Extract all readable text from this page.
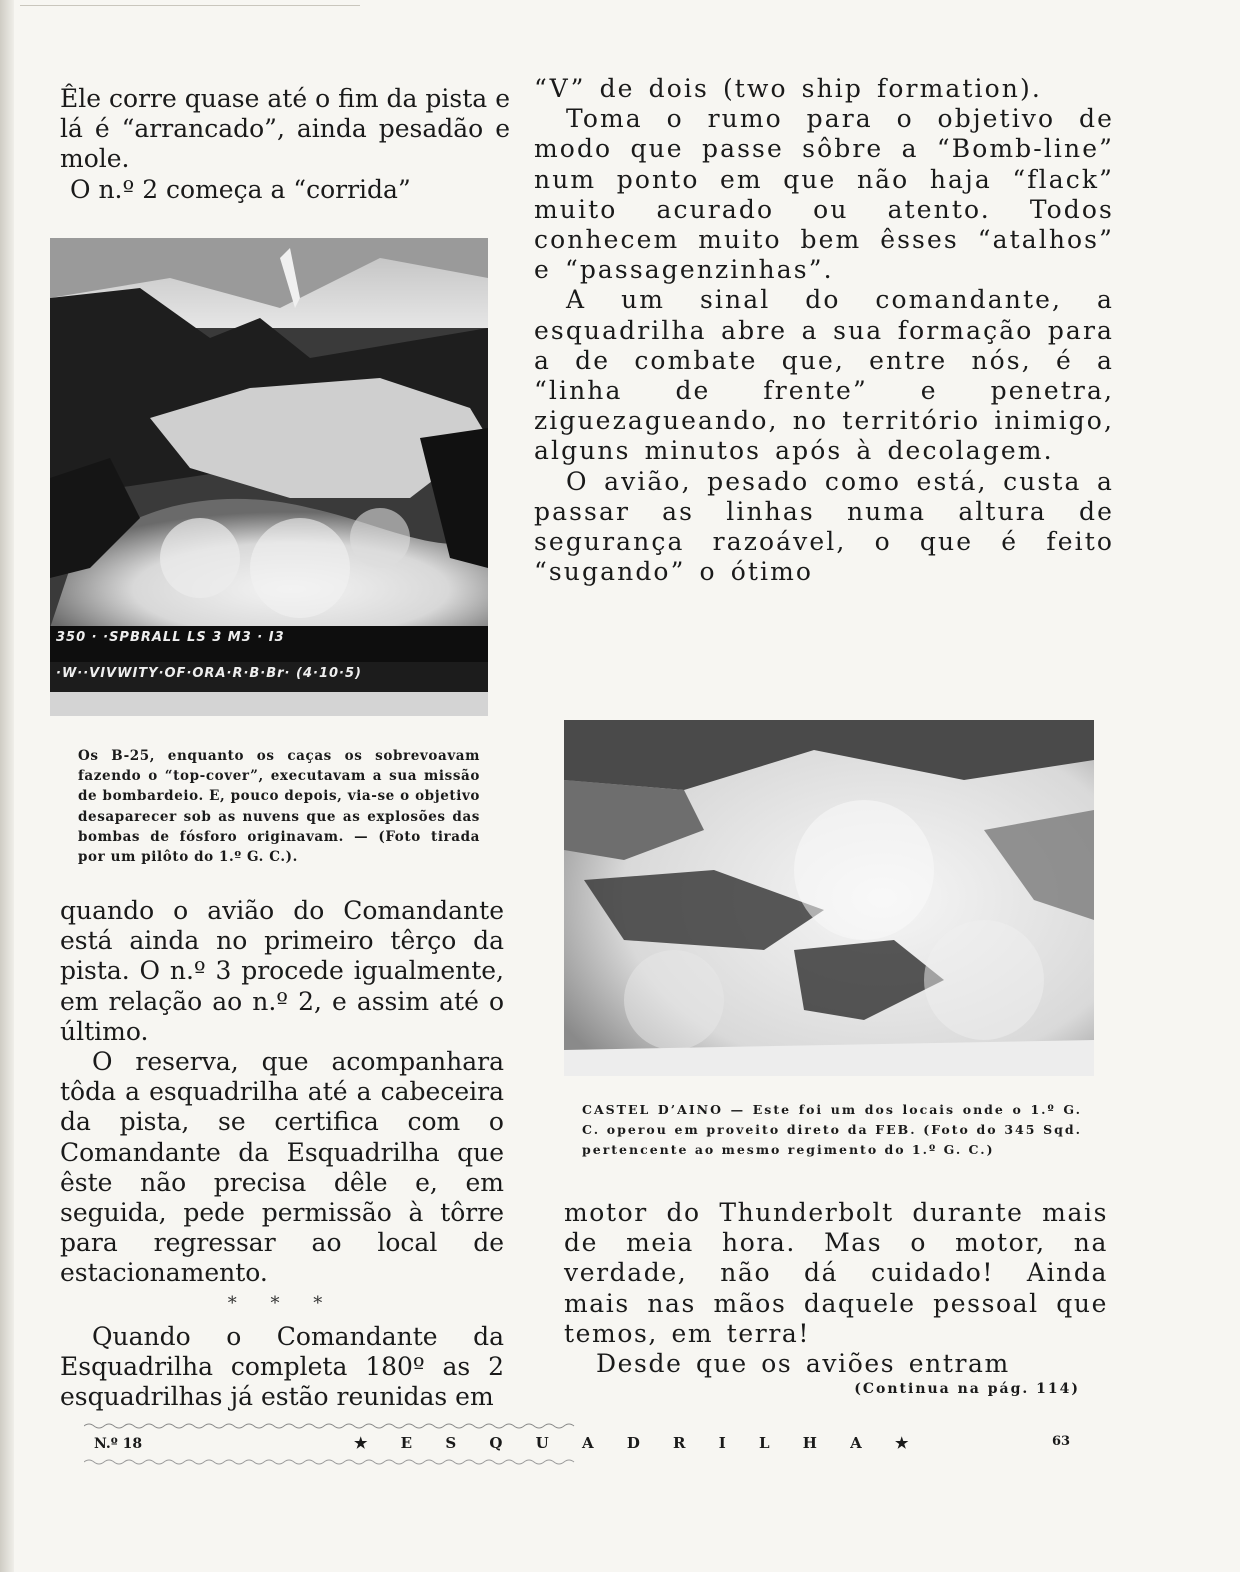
Êle corre quase até o fim da pista e lá é “arrancado”, ainda pesadão e mole.

O n.º 2 começa a “corrida”

350 · ·SPBRALL LS 3 M3 · I3
·W··VIVWITY·OF·ORA·R·B·Br· (4·10·5)

Os B-25, enquanto os caças os sobrevoavam fazendo o “top-cover”, executavam a sua missão de bombardeio. E, pouco depois, via-se o objetivo desaparecer sob as nuvens que as explosões das bombas de fósforo originavam. — (Foto tirada por um pilôto do 1.º G. C.).

quando o avião do Comandante está ainda no primeiro têrço da pista. O n.º 3 procede igualmente, em relação ao n.º 2, e assim até o último.

O reserva, que acompanhara tôda a esquadrilha até a cabeceira da pista, se certifica com o Comandante da Esquadrilha que êste não precisa dêle e, em seguida, pede permissão à tôrre para regressar ao local de estacionamento.

* * *

Quando o Comandante da Esquadrilha completa 180º as 2 esquadrilhas já estão reunidas em

“V” de dois (two ship formation).

Toma o rumo para o objetivo de modo que passe sôbre a “Bomb-line” num ponto em que não haja “flack” muito acurado ou atento. Todos conhecem muito bem êsses “atalhos” e “passagenzinhas”.

A um sinal do comandante, a esquadrilha abre a sua formação para a de combate que, entre nós, é a “linha de frente” e penetra, ziguezagueando, no território inimigo, alguns minutos após à decolagem.

O avião, pesado como está, custa a passar as linhas numa altura de segurança razoável, o que é feito “sugando” o ótimo

CASTEL D’AINO — Este foi um dos locais onde o 1.º G. C. operou em proveito direto da FEB. (Foto do 345 Sqd. pertencente ao mesmo regimento do 1.º G. C.)

motor do Thunderbolt durante mais de meia hora. Mas o motor, na verdade, não dá cuidado! Ainda mais nas mãos daquele pessoal que temos, em terra!

Desde que os aviões entram

(Continua na pág. 114)
N.º 18	★ E S Q U A D R I L H A ★	63
